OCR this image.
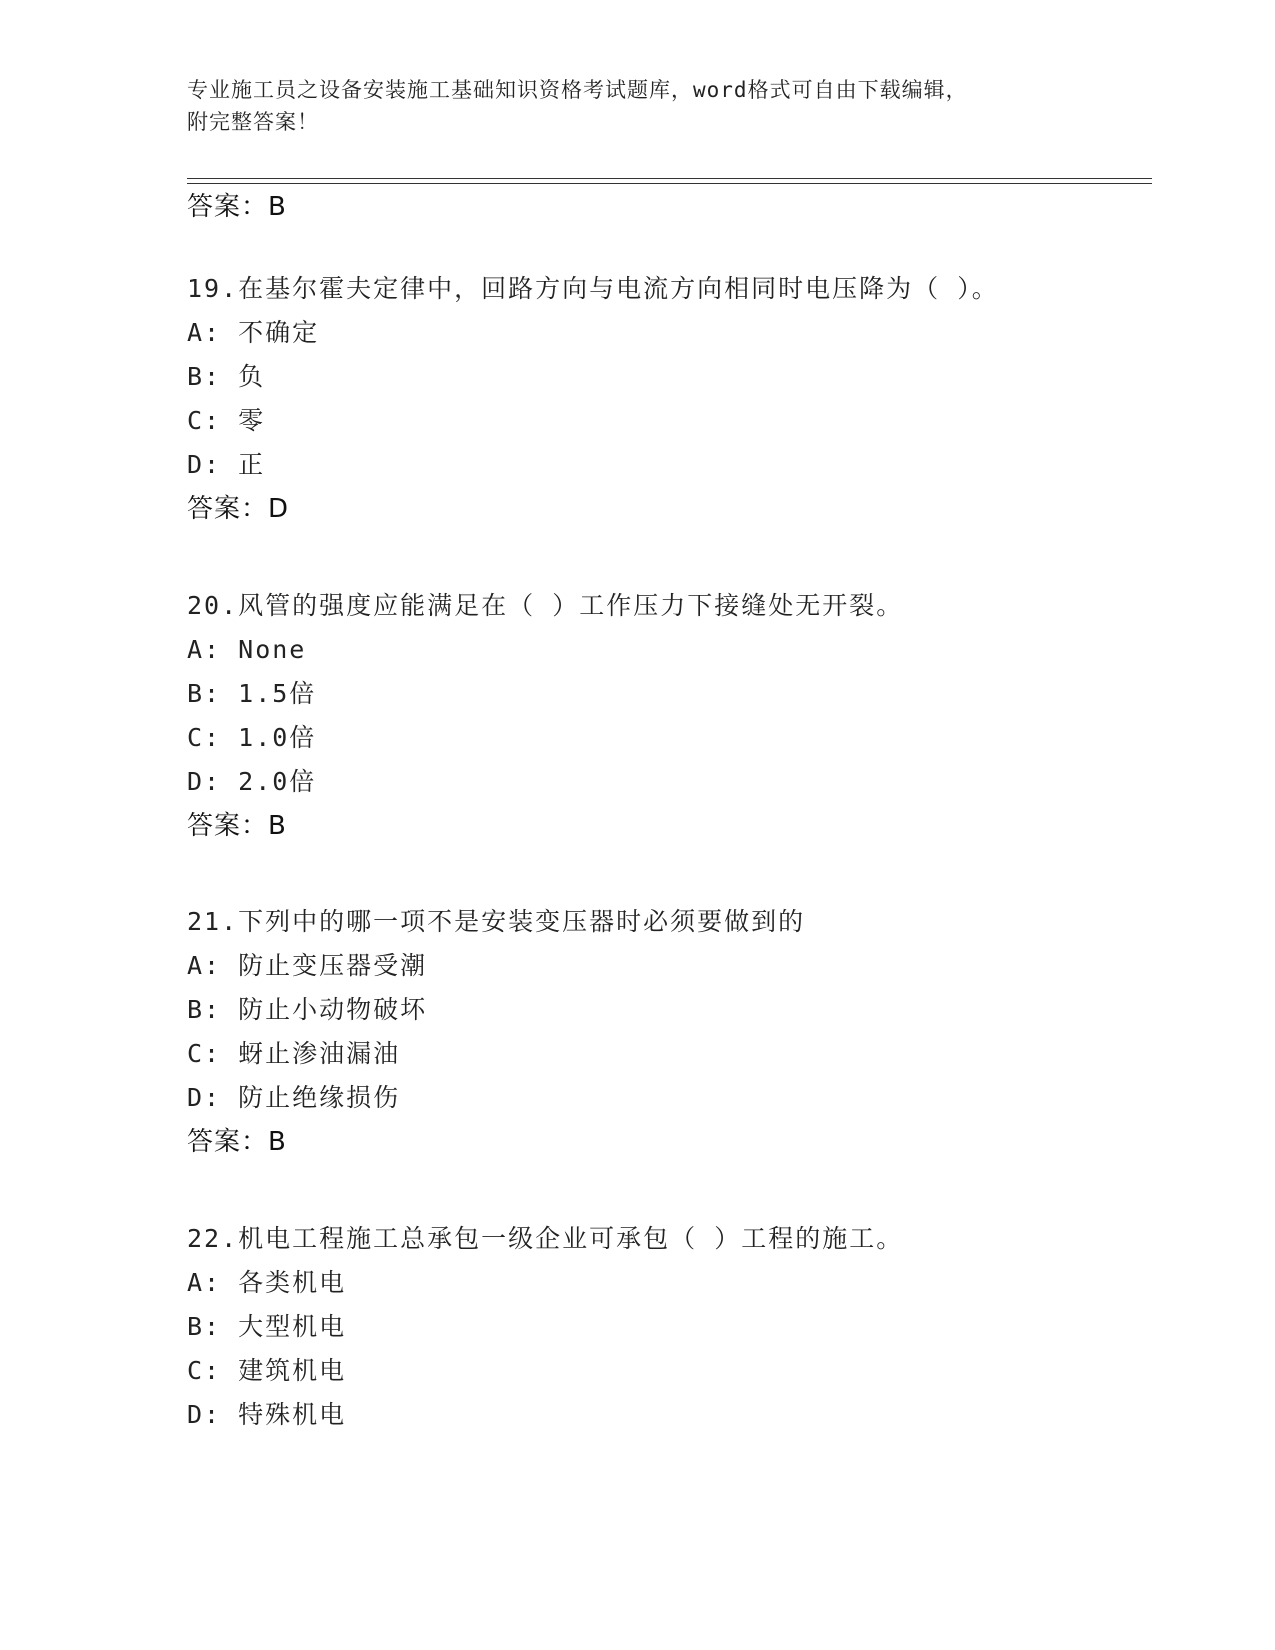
专业施工员之设备安装施工基础知识资格考试题库，word格式可自由下载编辑，
附完整答案！
答案：B
19.在基尔霍夫定律中，回路方向与电流方向相同时电压降为（ ）。
A: 不确定
B: 负
C: 零
D: 正
答案：D
20.风管的强度应能满足在（ ）工作压力下接缝处无开裂。
A: None
B: 1.5倍
C: 1.0倍
D: 2.0倍
答案：B
21.下列中的哪一项不是安装变压器时必须要做到的
A: 防止变压器受潮
B: 防止小动物破坏
C: 蚜止渗油漏油
D: 防止绝缘损伤
答案：B
22.机电工程施工总承包一级企业可承包（ ）工程的施工。
A: 各类机电
B: 大型机电
C: 建筑机电
D: 特殊机电
